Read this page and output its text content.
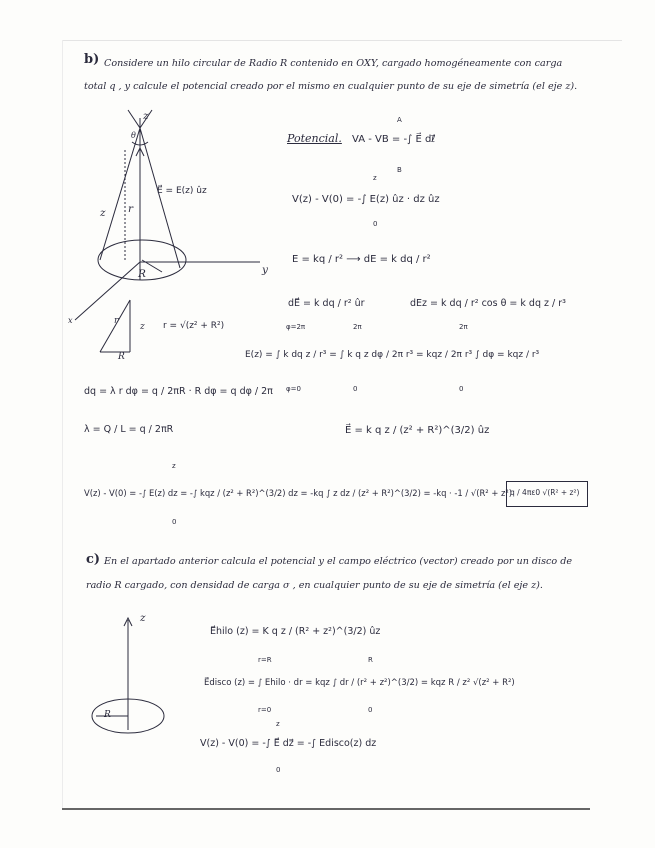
b) Considere un hilo circular de Radio R contenido en OXY, cargado homogéneamente con carga
total q , y calcule el potencial creado por el mismo en cualquier punto de su eje de simetría (el eje z).
z
θ
r
z
R
E⃗ = E(z) ûz
y
x	r
z
R
r = √(z² + R²)
Potencial. VA - VB = -∫ E⃗ dℓ⃗
A
B
V(z) - V(0) = -∫ E(z) ûz · dz ûz
z
0
E = kq / r² ⟶ dE = k dq / r²
dE⃗ = k dq / r² ûr	dEz = k dq / r² cos θ = k dq z / r³
E(z) = ∫ k dq z / r³ = ∫ k q z dφ / 2π r³ = kqz / 2π r³ ∫ dφ = kqz / r³
φ=2π
φ=0
2π
0
2π
0
dq = λ r dφ = q / 2πR · R dφ = q dφ / 2π
λ = Q / L = q / 2πR	E⃗ = k q z / (z² + R²)^(3/2) ûz
V(z) - V(0) = -∫ E(z) dz = -∫ kqz / (z² + R²)^(3/2) dz = -kq ∫ z dz / (z² + R²)^(3/2) = -kq · -1 / √(R² + z²)
z
0
q / 4πε0 √(R² + z²)
c) En el apartado anterior calcula el potencial y el campo eléctrico (vector) creado por un disco de
radio R cargado, con densidad de carga σ , en cualquier punto de su eje de simetría (el eje z).
z
R
E⃗hilo (z) = K q z / (R² + z²)^(3/2) ûz
E⃗disco (z) = ∫ Ehilo · dr = kqz ∫ dr / (r² + z²)^(3/2) = kqz R / z² √(z² + R²)
r=R
r=0
R
0
V(z) - V(0) = -∫ E⃗ dz⃗ = -∫ Edisco(z) dz
z
0
